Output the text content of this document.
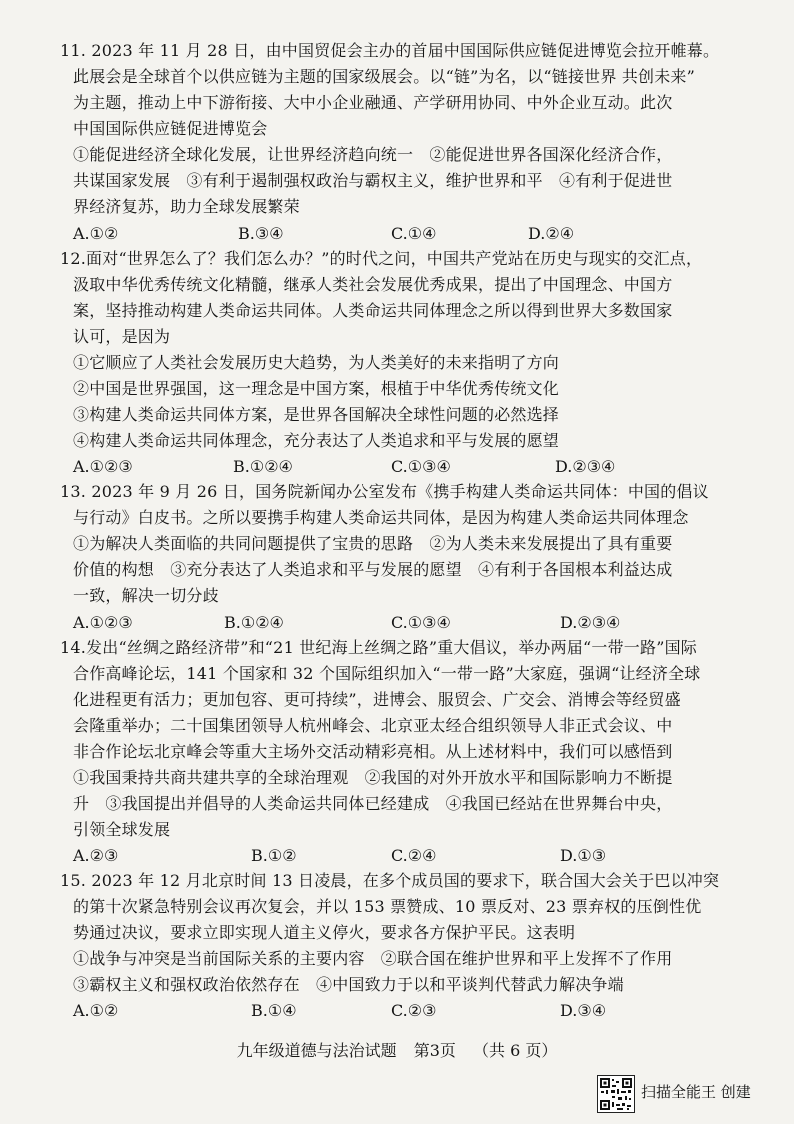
11. 2023 年 11 月 28 日，由中国贸促会主办的首届中国国际供应链促进博览会拉开帷幕。
此展会是全球首个以供应链为主题的国家级展会。以“链”为名，以“链接世界 共创未来”
为主题，推动上中下游衔接、大中小企业融通、产学研用协同、中外企业互动。此次
中国国际供应链促进博览会
①能促进经济全球化发展，让世界经济趋向统一　②能促进世界各国深化经济合作，
共谋国家发展　③有利于遏制强权政治与霸权主义，维护世界和平　④有利于促进世
界经济复苏，助力全球发展繁荣
A.①②	B.③④	C.①④	D.②④
12.面对“世界怎么了？我们怎么办？”的时代之问，中国共产党站在历史与现实的交汇点，
汲取中华优秀传统文化精髓，继承人类社会发展优秀成果，提出了中国理念、中国方
案，坚持推动构建人类命运共同体。人类命运共同体理念之所以得到世界大多数国家
认可，是因为
①它顺应了人类社会发展历史大趋势，为人类美好的未来指明了方向
②中国是世界强国，这一理念是中国方案，根植于中华优秀传统文化
③构建人类命运共同体方案，是世界各国解决全球性问题的必然选择
④构建人类命运共同体理念，充分表达了人类追求和平与发展的愿望
A.①②③	B.①②④	C.①③④	D.②③④
13. 2023 年 9 月 26 日，国务院新闻办公室发布《携手构建人类命运共同体：中国的倡议
与行动》白皮书。之所以要携手构建人类命运共同体，是因为构建人类命运共同体理念
①为解决人类面临的共同问题提供了宝贵的思路　②为人类未来发展提出了具有重要
价值的构想　③充分表达了人类追求和平与发展的愿望　④有利于各国根本利益达成
一致，解决一切分歧
A.①②③	B.①②④	C.①③④	D.②③④
14.发出“丝绸之路经济带”和“21 世纪海上丝绸之路”重大倡议，举办两届“一带一路”国际
合作高峰论坛，141 个国家和 32 个国际组织加入“一带一路”大家庭，强调“让经济全球
化进程更有活力；更加包容、更可持续”，进博会、服贸会、广交会、消博会等经贸盛
会隆重举办；二十国集团领导人杭州峰会、北京亚太经合组织领导人非正式会议、中
非合作论坛北京峰会等重大主场外交活动精彩亮相。从上述材料中，我们可以感悟到
①我国秉持共商共建共享的全球治理观　②我国的对外开放水平和国际影响力不断提
升　③我国提出并倡导的人类命运共同体已经建成　④我国已经站在世界舞台中央，
引领全球发展
A.②③	B.①②	C.②④	D.①③
15. 2023 年 12 月北京时间 13 日凌晨，在多个成员国的要求下，联合国大会关于巴以冲突
的第十次紧急特别会议再次复会，并以 153 票赞成、10 票反对、23 票弃权的压倒性优
势通过决议，要求立即实现人道主义停火，要求各方保护平民。这表明
①战争与冲突是当前国际关系的主要内容　②联合国在维护世界和平上发挥不了作用
③霸权主义和强权政治依然存在　④中国致力于以和平谈判代替武力解决争端
A.①②	B.①④	C.②③	D.③④
九年级道德与法治试题 第3页 （共 6 页）
扫描全能王 创建
